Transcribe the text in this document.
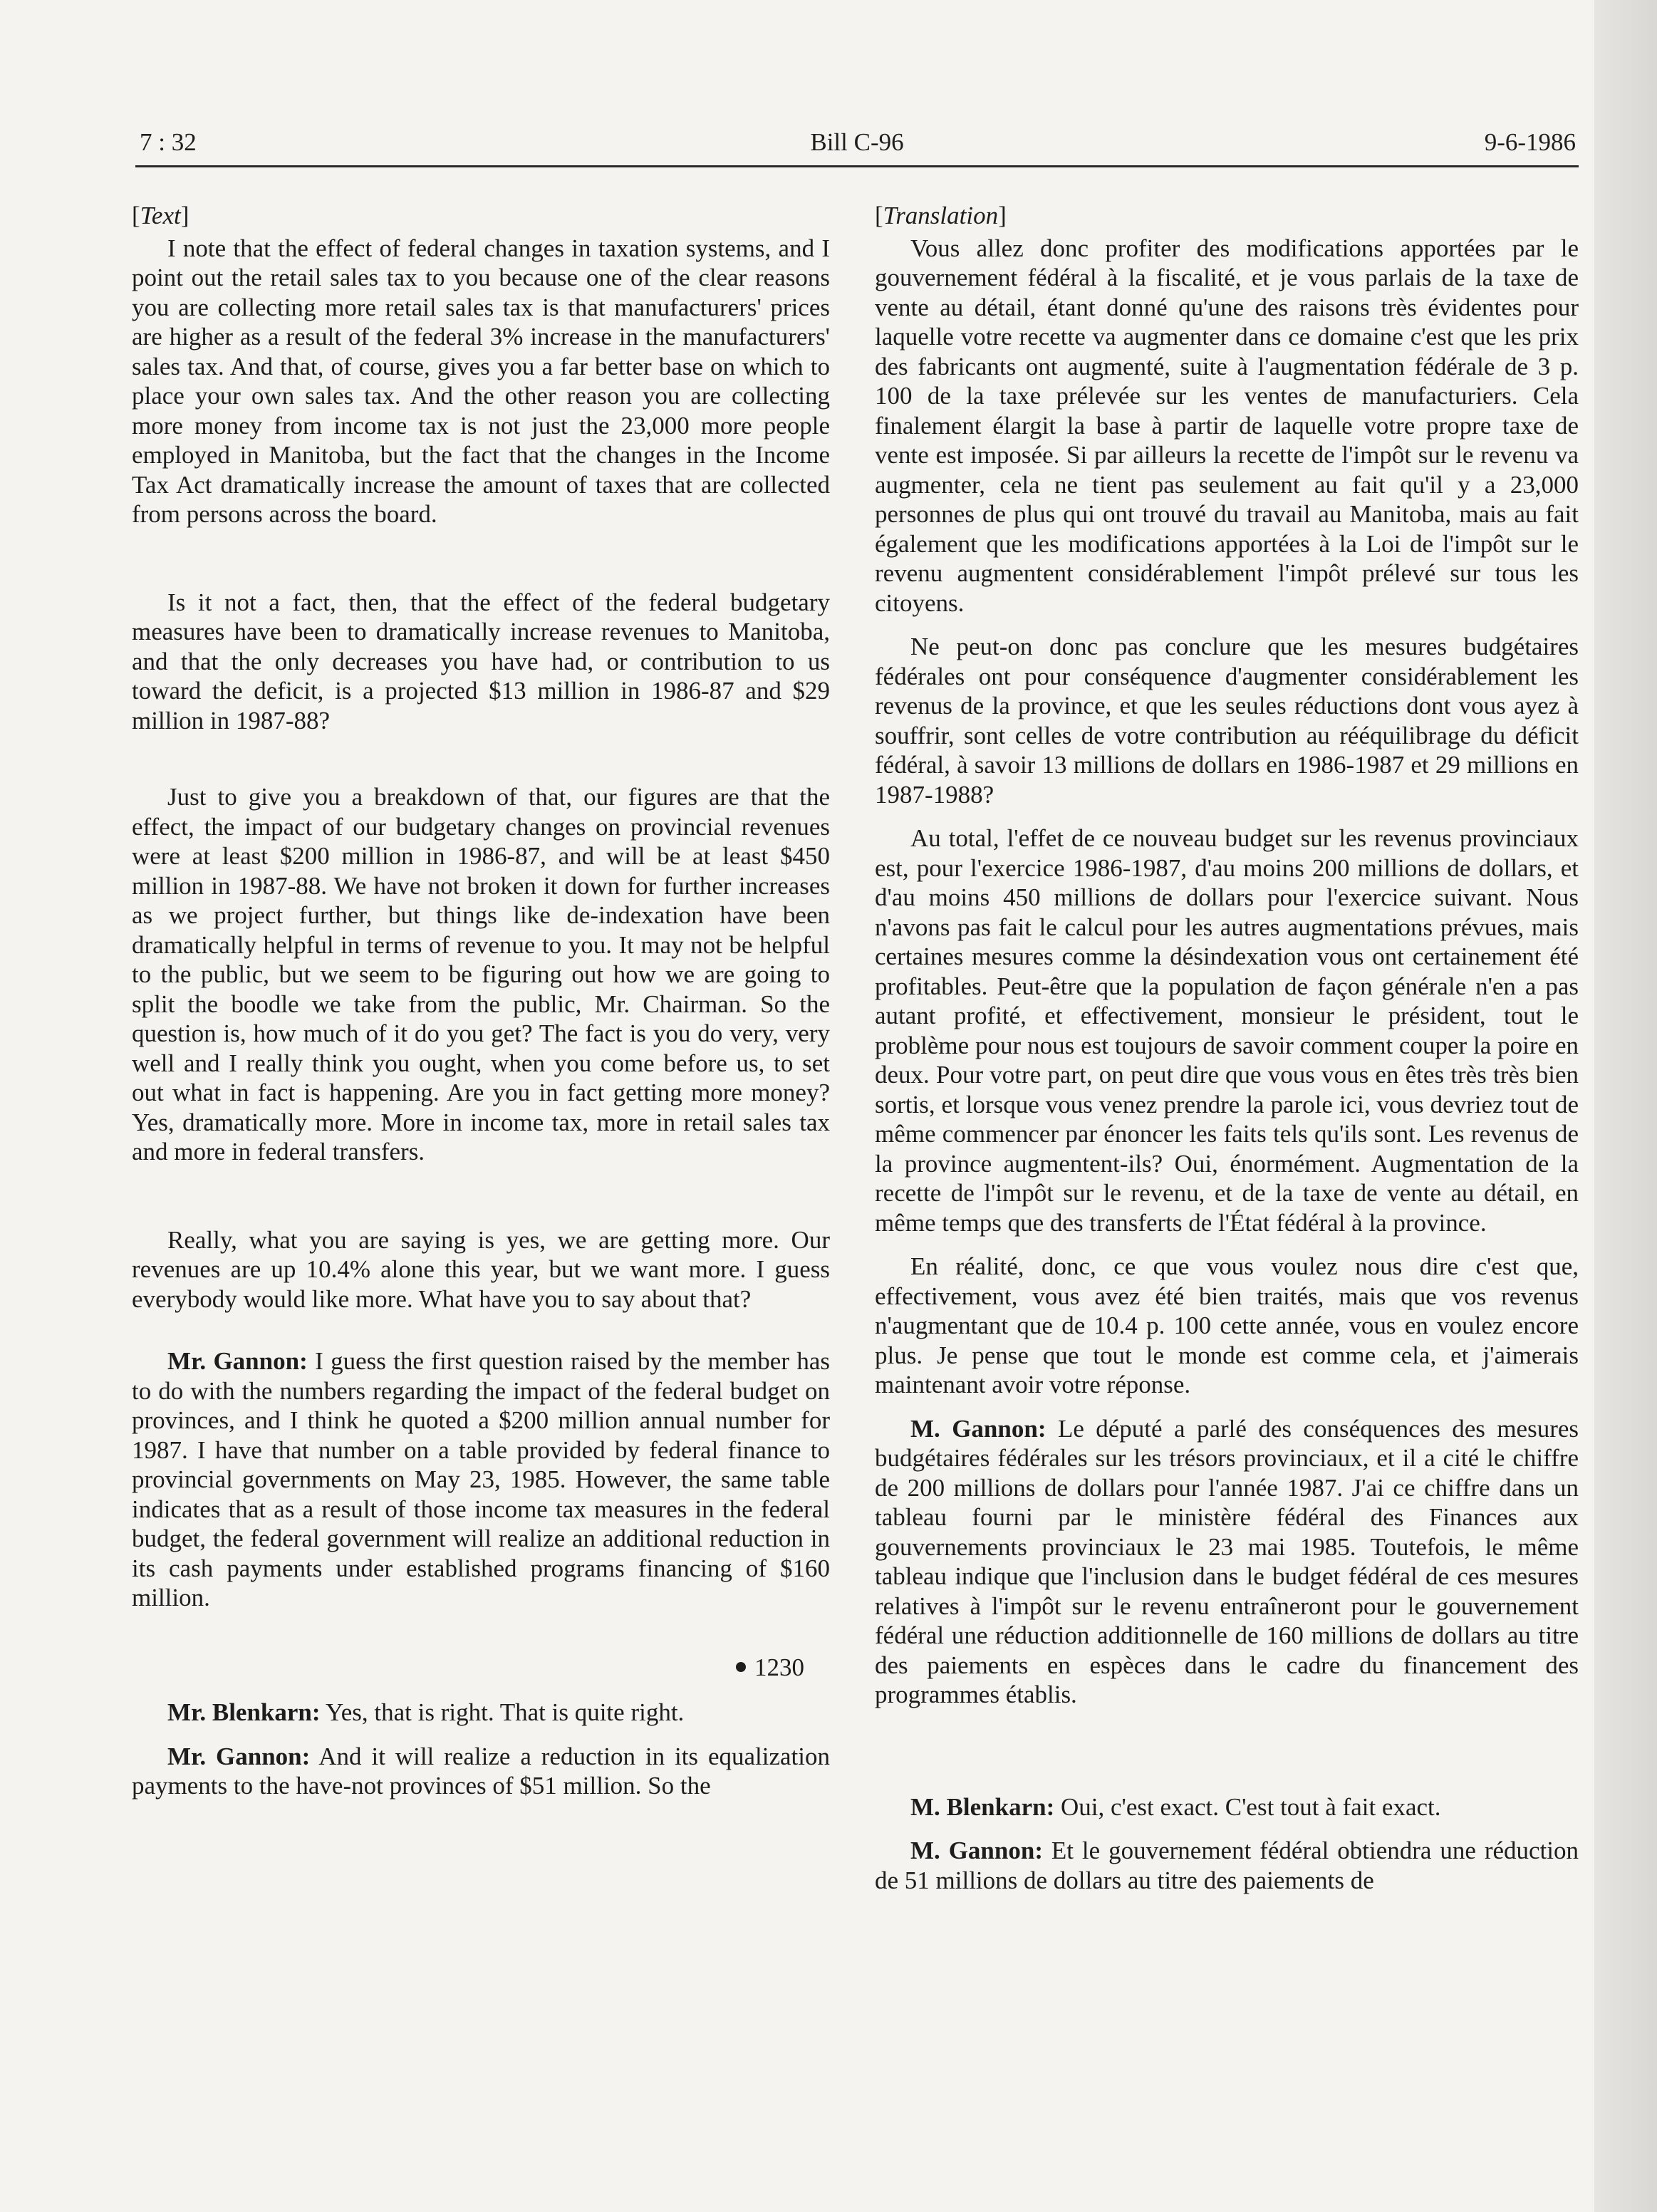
7 : 32	Bill C-96	9-6-1986

[Text]

I note that the effect of federal changes in taxation systems, and I point out the retail sales tax to you because one of the clear reasons you are collecting more retail sales tax is that manufacturers' prices are higher as a result of the federal 3% increase in the manufacturers' sales tax. And that, of course, gives you a far better base on which to place your own sales tax. And the other reason you are collecting more money from income tax is not just the 23,000 more people employed in Manitoba, but the fact that the changes in the Income Tax Act dramatically increase the amount of taxes that are collected from persons across the board.

Is it not a fact, then, that the effect of the federal budgetary measures have been to dramatically increase revenues to Manitoba, and that the only decreases you have had, or contribution to us toward the deficit, is a projected $13 million in 1986-87 and $29 million in 1987-88?

Just to give you a breakdown of that, our figures are that the effect, the impact of our budgetary changes on provincial revenues were at least $200 million in 1986-87, and will be at least $450 million in 1987-88. We have not broken it down for further increases as we project further, but things like de-indexation have been dramatically helpful in terms of revenue to you. It may not be helpful to the public, but we seem to be figuring out how we are going to split the boodle we take from the public, Mr. Chairman. So the question is, how much of it do you get? The fact is you do very, very well and I really think you ought, when you come before us, to set out what in fact is happening. Are you in fact getting more money? Yes, dramatically more. More in income tax, more in retail sales tax and more in federal transfers.

Really, what you are saying is yes, we are getting more. Our revenues are up 10.4% alone this year, but we want more. I guess everybody would like more. What have you to say about that?

Mr. Gannon: I guess the first question raised by the member has to do with the numbers regarding the impact of the federal budget on provinces, and I think he quoted a $200 million annual number for 1987. I have that number on a table provided by federal finance to provincial governments on May 23, 1985. However, the same table indicates that as a result of those income tax measures in the federal budget, the federal government will realize an additional reduction in its cash payments under established programs financing of $160 million.

1230

Mr. Blenkarn: Yes, that is right. That is quite right.

Mr. Gannon: And it will realize a reduction in its equalization payments to the have-not provinces of $51 million. So the

[Translation]

Vous allez donc profiter des modifications apportées par le gouvernement fédéral à la fiscalité, et je vous parlais de la taxe de vente au détail, étant donné qu'une des raisons très évidentes pour laquelle votre recette va augmenter dans ce domaine c'est que les prix des fabricants ont augmenté, suite à l'augmentation fédérale de 3 p. 100 de la taxe prélevée sur les ventes de manufacturiers. Cela finalement élargit la base à partir de laquelle votre propre taxe de vente est imposée. Si par ailleurs la recette de l'impôt sur le revenu va augmenter, cela ne tient pas seulement au fait qu'il y a 23,000 personnes de plus qui ont trouvé du travail au Manitoba, mais au fait également que les modifications apportées à la Loi de l'impôt sur le revenu augmentent considérablement l'impôt prélevé sur tous les citoyens.

Ne peut-on donc pas conclure que les mesures budgétaires fédérales ont pour conséquence d'augmenter considérablement les revenus de la province, et que les seules réductions dont vous ayez à souffrir, sont celles de votre contribution au rééquilibrage du déficit fédéral, à savoir 13 millions de dollars en 1986-1987 et 29 millions en 1987-1988?

Au total, l'effet de ce nouveau budget sur les revenus provinciaux est, pour l'exercice 1986-1987, d'au moins 200 millions de dollars, et d'au moins 450 millions de dollars pour l'exercice suivant. Nous n'avons pas fait le calcul pour les autres augmentations prévues, mais certaines mesures comme la désindexation vous ont certainement été profitables. Peut-être que la population de façon générale n'en a pas autant profité, et effectivement, monsieur le président, tout le problème pour nous est toujours de savoir comment couper la poire en deux. Pour votre part, on peut dire que vous vous en êtes très très bien sortis, et lorsque vous venez prendre la parole ici, vous devriez tout de même commencer par énoncer les faits tels qu'ils sont. Les revenus de la province augmentent-ils? Oui, énormément. Augmentation de la recette de l'impôt sur le revenu, et de la taxe de vente au détail, en même temps que des transferts de l'État fédéral à la province.

En réalité, donc, ce que vous voulez nous dire c'est que, effectivement, vous avez été bien traités, mais que vos revenus n'augmentant que de 10.4 p. 100 cette année, vous en voulez encore plus. Je pense que tout le monde est comme cela, et j'aimerais maintenant avoir votre réponse.

M. Gannon: Le député a parlé des conséquences des mesures budgétaires fédérales sur les trésors provinciaux, et il a cité le chiffre de 200 millions de dollars pour l'année 1987. J'ai ce chiffre dans un tableau fourni par le ministère fédéral des Finances aux gouvernements provinciaux le 23 mai 1985. Toutefois, le même tableau indique que l'inclusion dans le budget fédéral de ces mesures relatives à l'impôt sur le revenu entraîneront pour le gouvernement fédéral une réduction additionnelle de 160 millions de dollars au titre des paiements en espèces dans le cadre du financement des programmes établis.

M. Blenkarn: Oui, c'est exact. C'est tout à fait exact.

M. Gannon: Et le gouvernement fédéral obtiendra une réduction de 51 millions de dollars au titre des paiements de
